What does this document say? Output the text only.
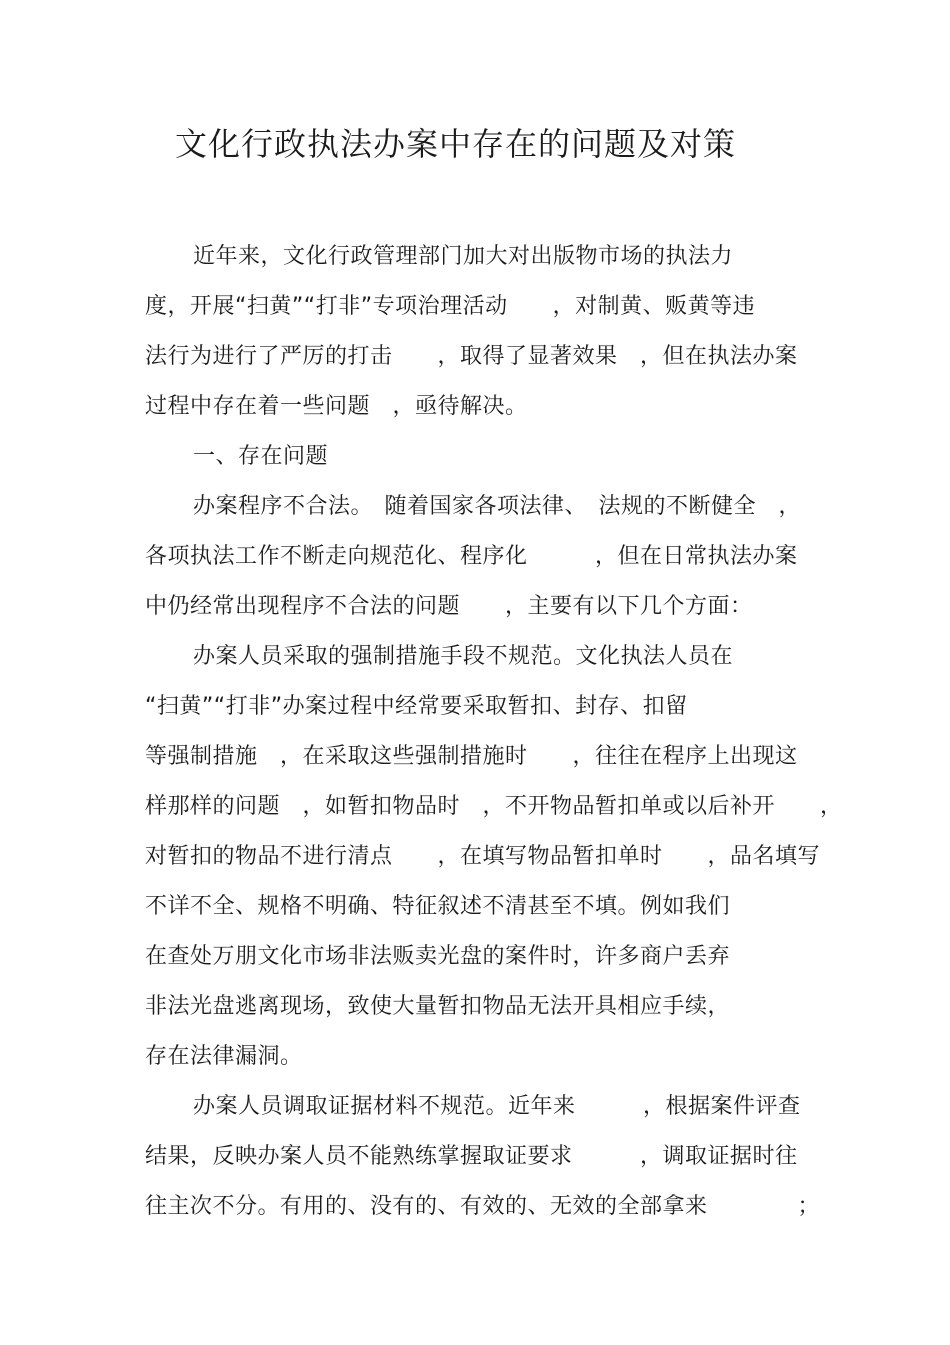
文化行政执法办案中存在的问题及对策

近年来，文化行政管理部门加大对出版物市场的执法力

度，开展“扫黄”“打非”专项治理活动　　，对制黄、贩黄等违

法行为进行了严厉的打击　　，取得了显著效果　，但在执法办案

过程中存在着一些问题　，亟待解决。

一、存在问题

办案程序不合法。　随着国家各项法律、　法规的不断健全　，

各项执法工作不断走向规范化、程序化　　　，但在日常执法办案

中仍经常出现程序不合法的问题　　，主要有以下几个方面：

办案人员采取的强制措施手段不规范。文化执法人员在

“扫黄”“打非”办案过程中经常要采取暂扣、封存、扣留

等强制措施　，在采取这些强制措施时　　，往往在程序上出现这

样那样的问题　，如暂扣物品时　，不开物品暂扣单或以后补开　　，

对暂扣的物品不进行清点　　，在填写物品暂扣单时　　，品名填写

不详不全、规格不明确、特征叙述不清甚至不填。例如我们

在查处万朋文化市场非法贩卖光盘的案件时，许多商户丢弃

非法光盘逃离现场，致使大量暂扣物品无法开具相应手续，

存在法律漏洞。

办案人员调取证据材料不规范。近年来　　　，根据案件评查

结果，反映办案人员不能熟练掌握取证要求　　　，调取证据时往

往主次不分。有用的、没有的、有效的、无效的全部拿来　　　　；
